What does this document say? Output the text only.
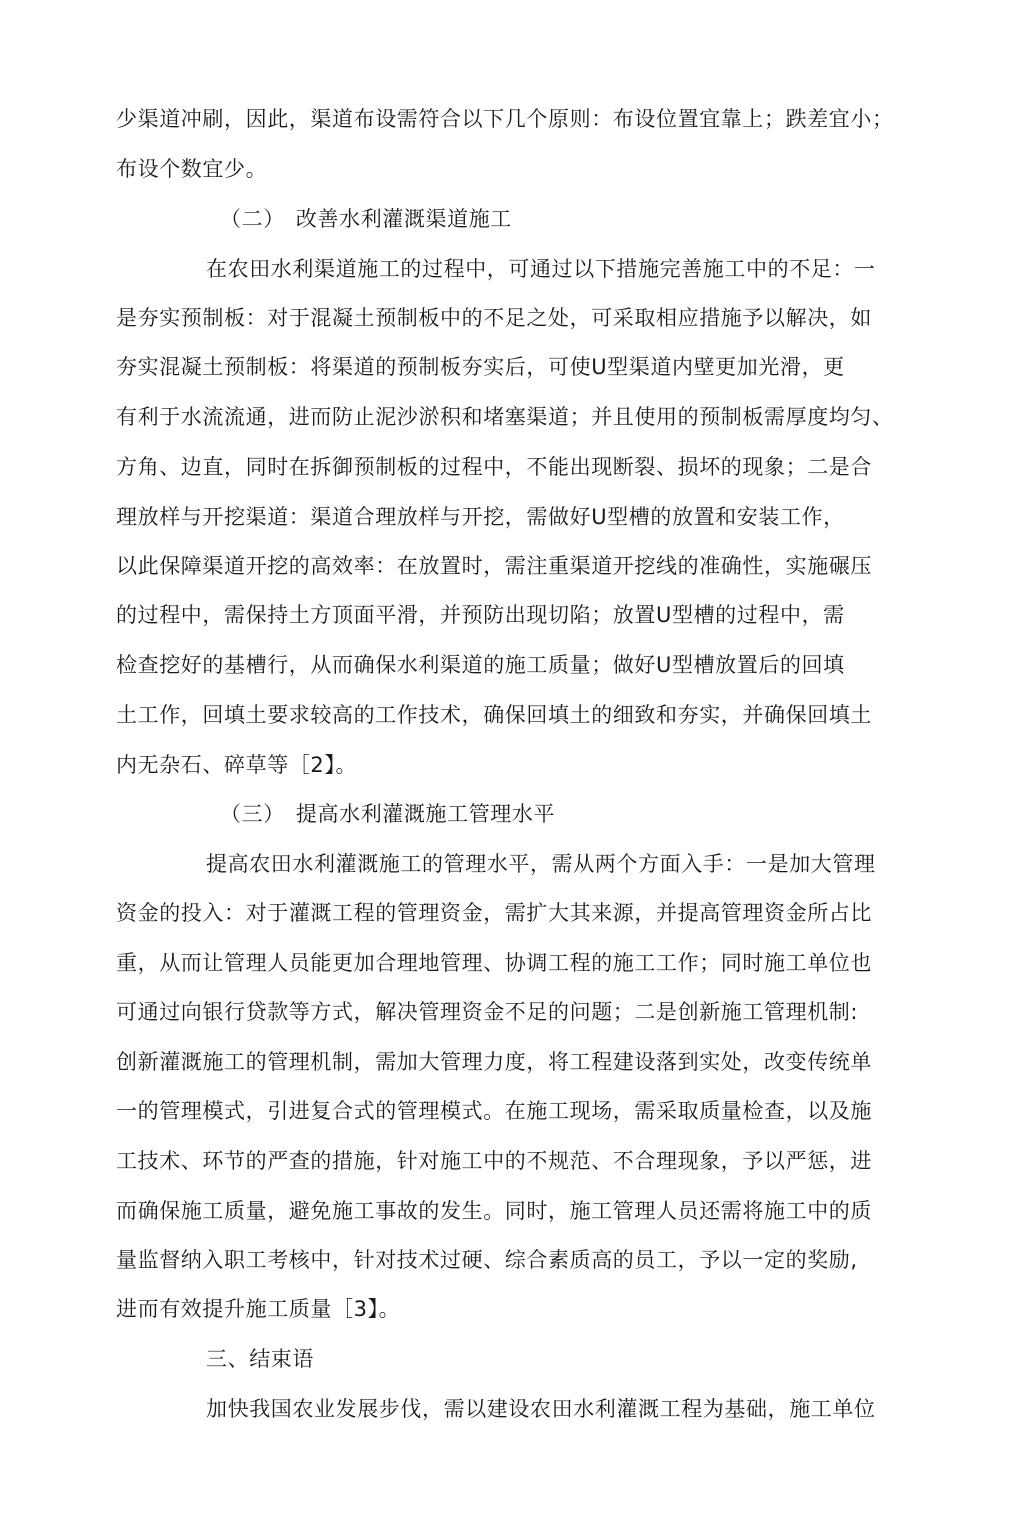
少渠道冲刷，因此，渠道布设需符合以下几个原则：布设位置宜靠上；跌差宜小；
布设个数宜少。
（二）　改善水利灌溉渠道施工
在农田水利渠道施工的过程中，可通过以下措施完善施工中的不足：一
是夯实预制板：对于混凝土预制板中的不足之处，可采取相应措施予以解决，如
夯实混凝土预制板：将渠道的预制板夯实后，可使U型渠道内壁更加光滑，更
有利于水流流通，进而防止泥沙淤积和堵塞渠道；并且使用的预制板需厚度均匀、
方角、边直，同时在拆御预制板的过程中，不能出现断裂、损坏的现象；二是合
理放样与开挖渠道：渠道合理放样与开挖，需做好U型槽的放置和安装工作，
以此保障渠道开挖的高效率：在放置时，需注重渠道开挖线的准确性，实施碾压
的过程中，需保持土方顶面平滑，并预防出现切陷；放置U型槽的过程中，需
检查挖好的基槽行，从而确保水利渠道的施工质量；做好U型槽放置后的回填
土工作，回填土要求较高的工作技术，确保回填土的细致和夯实，并确保回填土
内无杂石、碎草等［2】。
（三）　提高水利灌溉施工管理水平
提高农田水利灌溉施工的管理水平，需从两个方面入手：一是加大管理
资金的投入：对于灌溉工程的管理资金，需扩大其来源，并提高管理资金所占比
重，从而让管理人员能更加合理地管理、协调工程的施工工作；同时施工单位也
可通过向银行贷款等方式，解决管理资金不足的问题；二是创新施工管理机制:
创新灌溉施工的管理机制，需加大管理力度，将工程建设落到实处，改变传统单
一的管理模式，引进复合式的管理模式。在施工现场，需采取质量检查，以及施
工技术、环节的严查的措施，针对施工中的不规范、不合理现象，予以严惩，进
而确保施工质量，避免施工事故的发生。同时，施工管理人员还需将施工中的质
量监督纳入职工考核中，针对技术过硬、综合素质高的员工，予以一定的奖励,
进而有效提升施工质量［3】。
三、结束语
加快我国农业发展步伐，需以建设农田水利灌溉工程为基础，施工单位
